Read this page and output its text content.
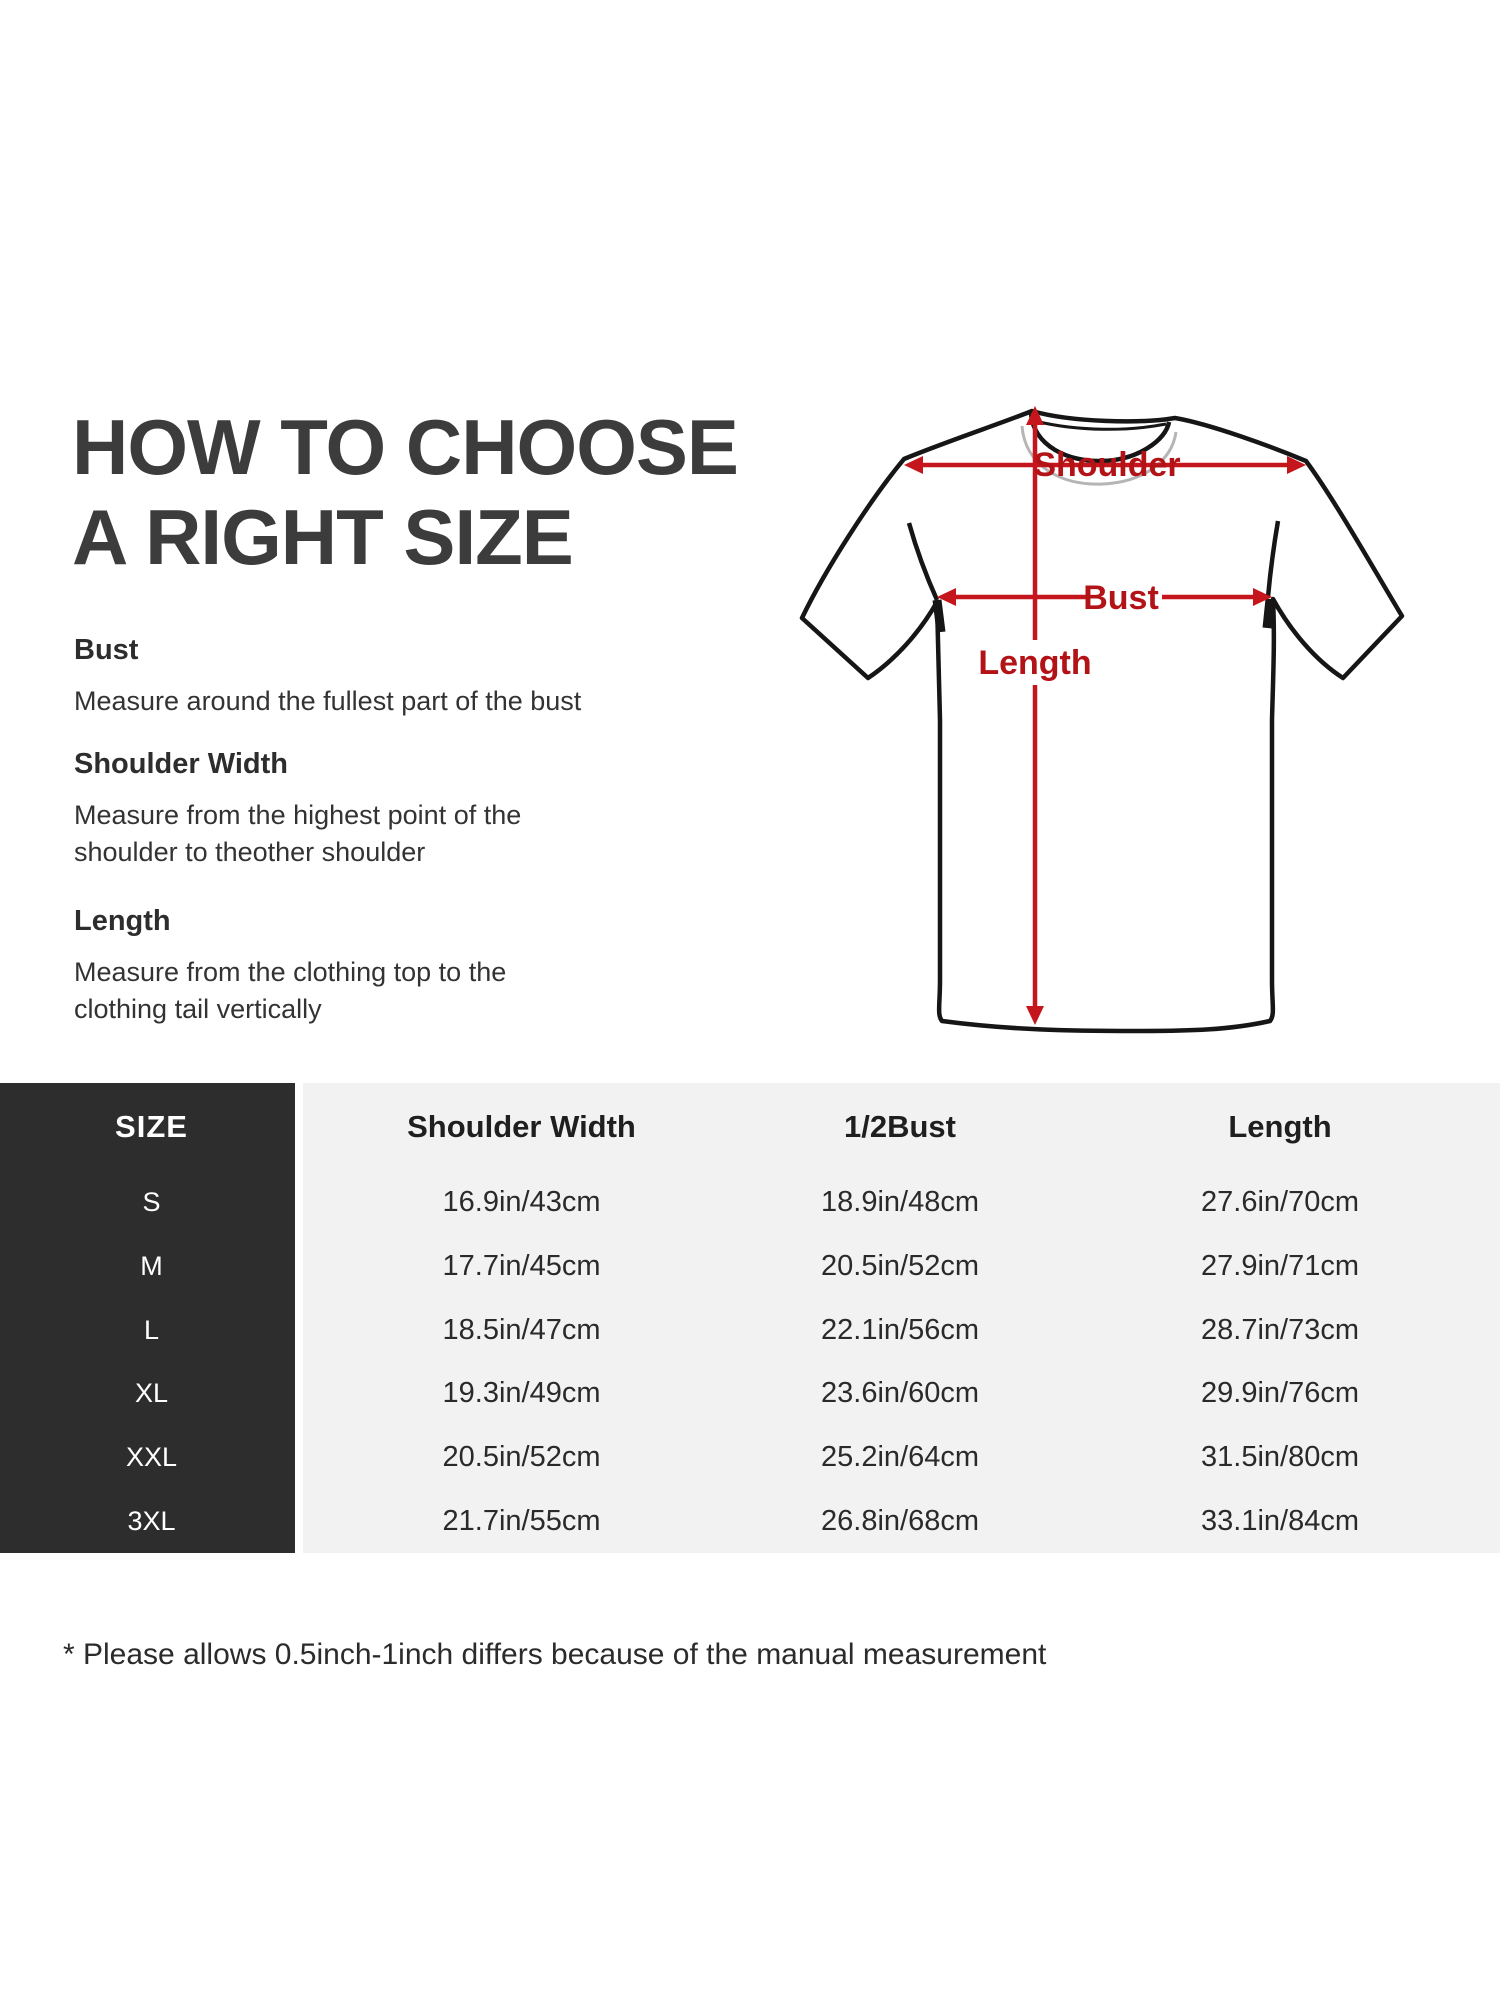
HOW TO CHOOSE
A RIGHT SIZE
Bust
Measure around the fullest part of the bust
Shoulder Width
Measure from the highest point of the
shoulder to theother shoulder
Length
Measure from the clothing top to the
clothing tail vertically
Shoulder
Bust
Length
SIZE	Shoulder Width	1/2Bust	Length
S	16.9in/43cm	18.9in/48cm	27.6in/70cm
M	17.7in/45cm	20.5in/52cm	27.9in/71cm
L	18.5in/47cm	22.1in/56cm	28.7in/73cm
XL	19.3in/49cm	23.6in/60cm	29.9in/76cm
XXL	20.5in/52cm	25.2in/64cm	31.5in/80cm
3XL	21.7in/55cm	26.8in/68cm	33.1in/84cm
* Please allows 0.5inch-1inch differs because of the manual measurement
